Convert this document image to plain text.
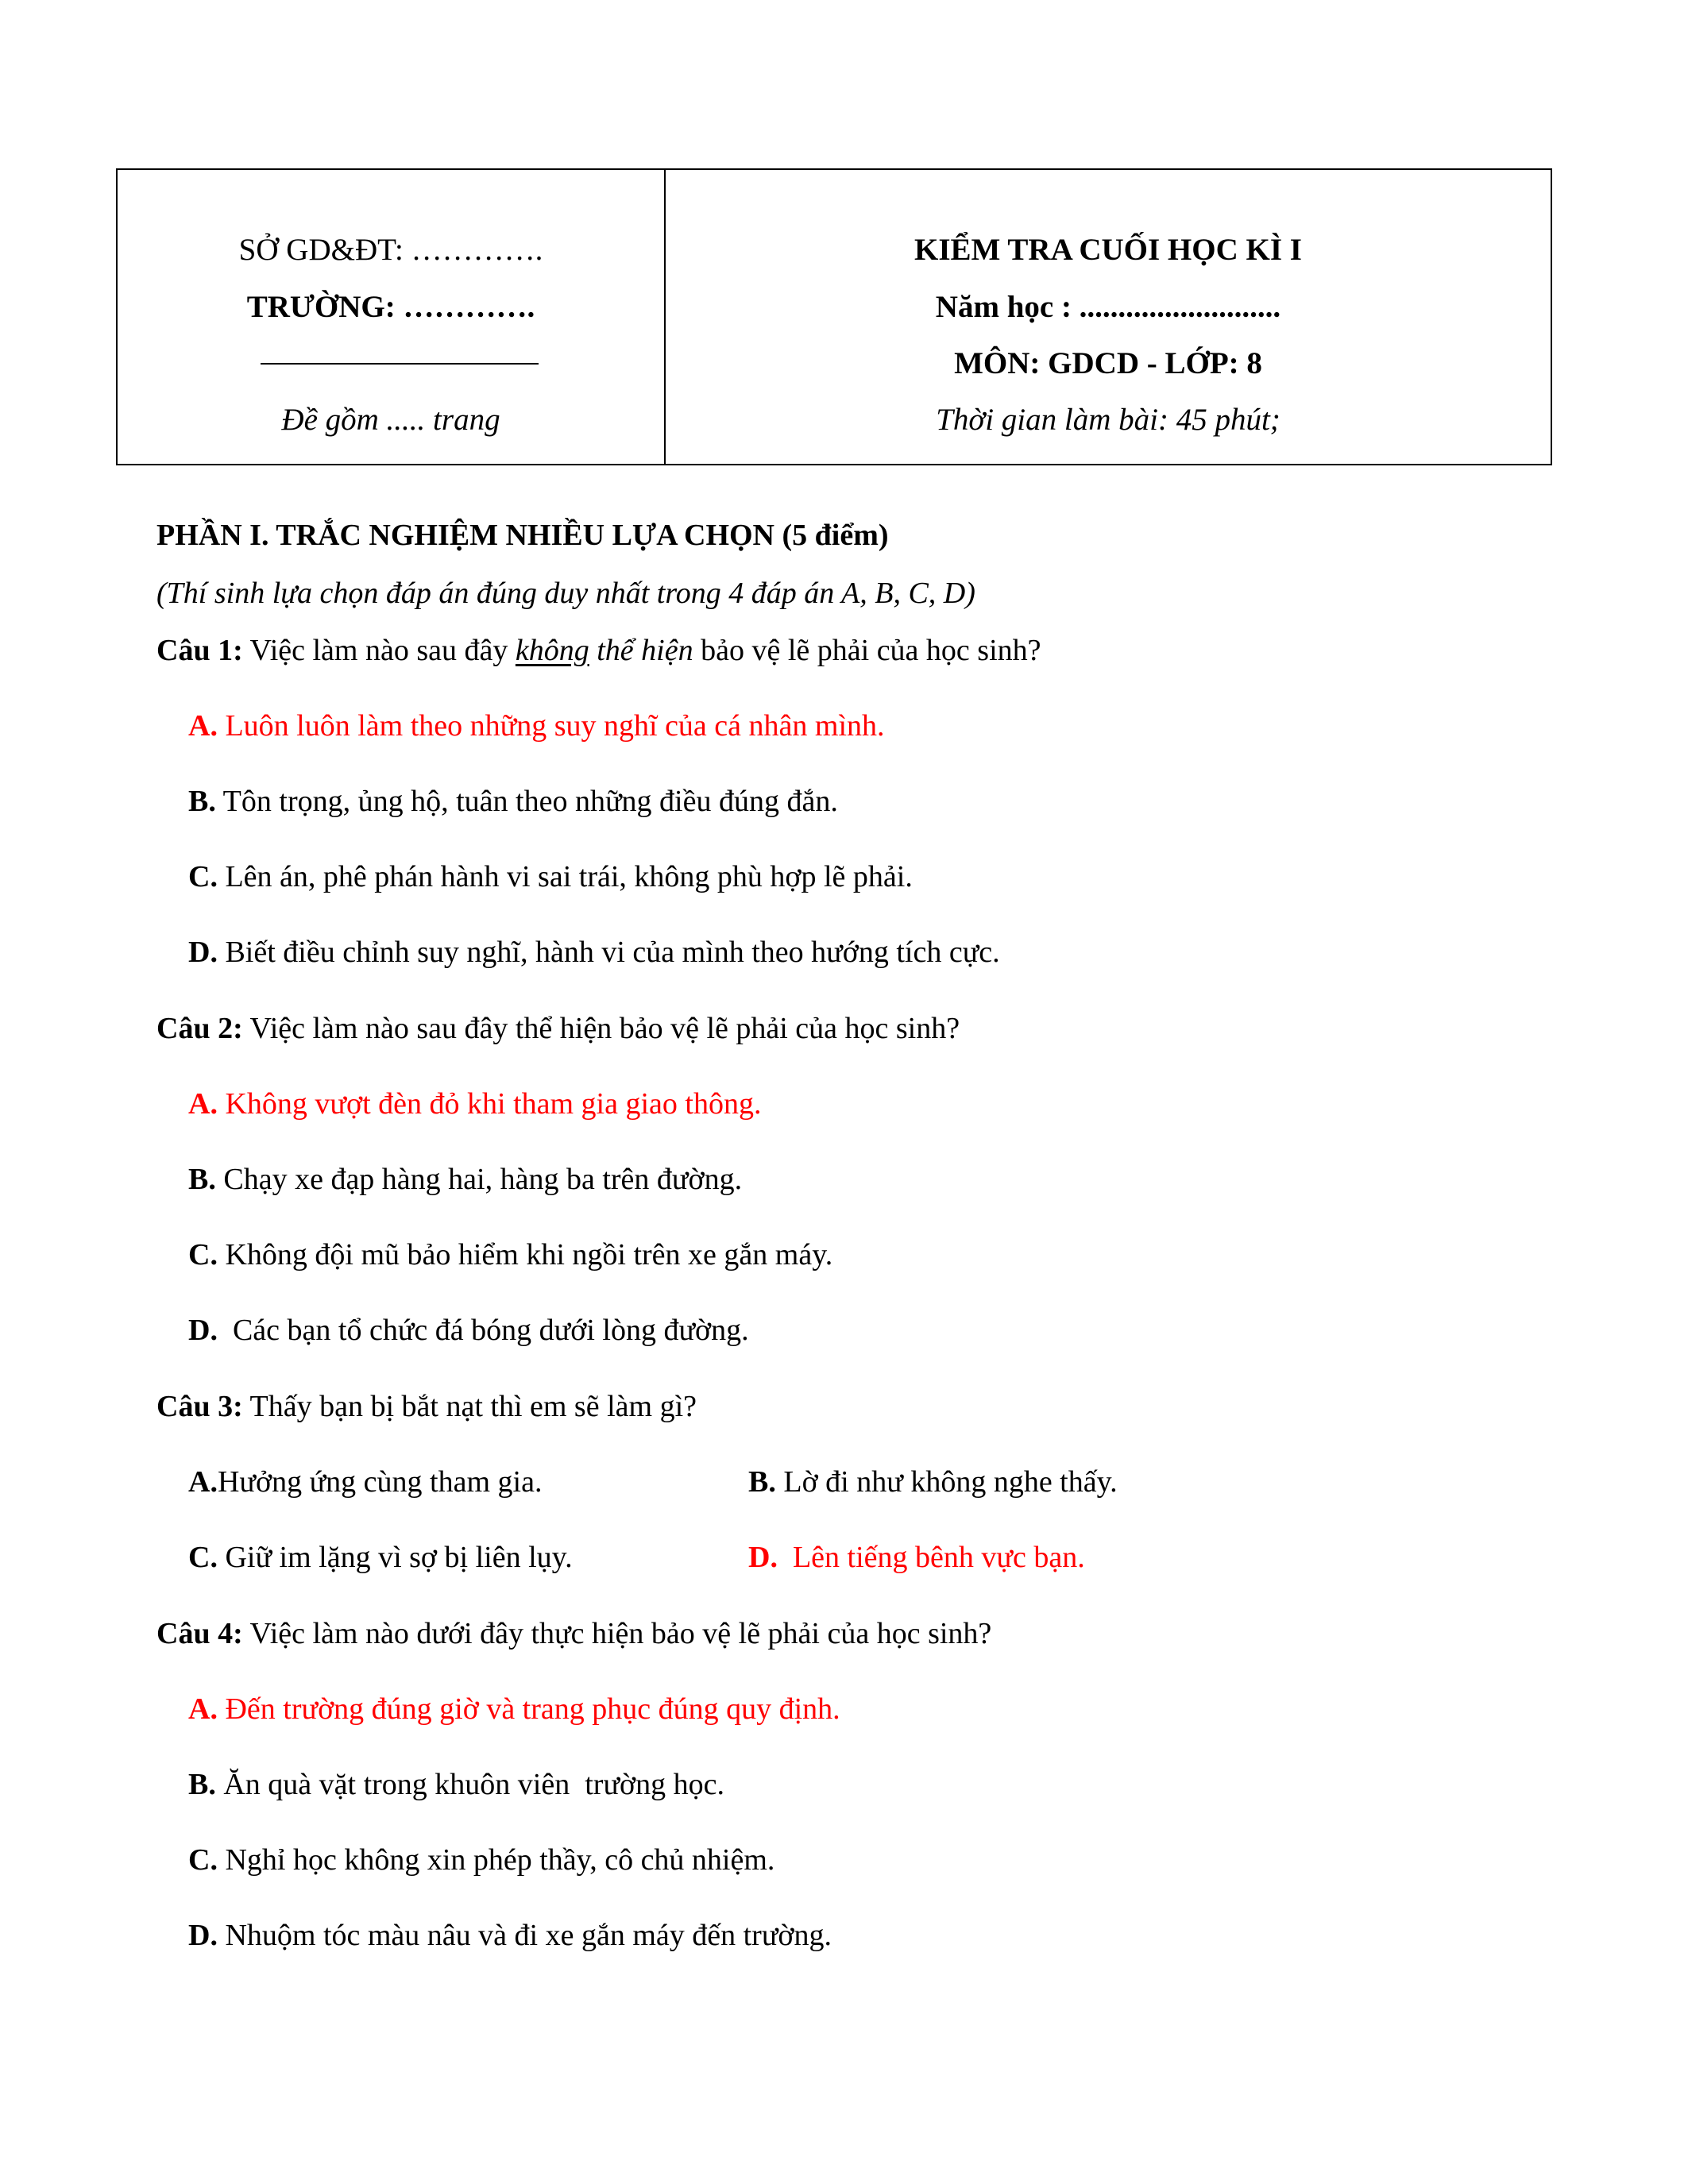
SỞ GD&ĐT: ………….
TRƯỜNG: ………….
Đề gồm ..... trang
KIỂM TRA CUỐI HỌC KÌ I
Năm học : ..........................
MÔN: GDCD - LỚP: 8
Thời gian làm bài: 45 phút;
PHẦN I. TRẮC NGHIỆM NHIỀU LỰA CHỌN (5 điểm)
(Thí sinh lựa chọn đáp án đúng duy nhất trong 4 đáp án A, B, C, D)
Câu 1: Việc làm nào sau đây không thể hiện bảo vệ lẽ phải của học sinh?
A. Luôn luôn làm theo những suy nghĩ của cá nhân mình.
B. Tôn trọng, ủng hộ, tuân theo những điều đúng đắn.
C. Lên án, phê phán hành vi sai trái, không phù hợp lẽ phải.
D. Biết điều chỉnh suy nghĩ, hành vi của mình theo hướng tích cực.
Câu 2: Việc làm nào sau đây thể hiện bảo vệ lẽ phải của học sinh?
A. Không vượt đèn đỏ khi tham gia giao thông.
B. Chạy xe đạp hàng hai, hàng ba trên đường.
C. Không đội mũ bảo hiểm khi ngồi trên xe gắn máy.
D.  Các bạn tổ chức đá bóng dưới lòng đường.
Câu 3: Thấy bạn bị bắt nạt thì em sẽ làm gì?
A.Hưởng ứng cùng tham gia.	B. Lờ đi như không nghe thấy.
C. Giữ im lặng vì sợ bị liên lụy.	D.  Lên tiếng bênh vực bạn.
Câu 4: Việc làm nào dưới đây thực hiện bảo vệ lẽ phải của học sinh?
A. Đến trường đúng giờ và trang phục đúng quy định.
B. Ăn quà vặt trong khuôn viên  trường học.
C. Nghỉ học không xin phép thầy, cô chủ nhiệm.
D. Nhuộm tóc màu nâu và đi xe gắn máy đến trường.
